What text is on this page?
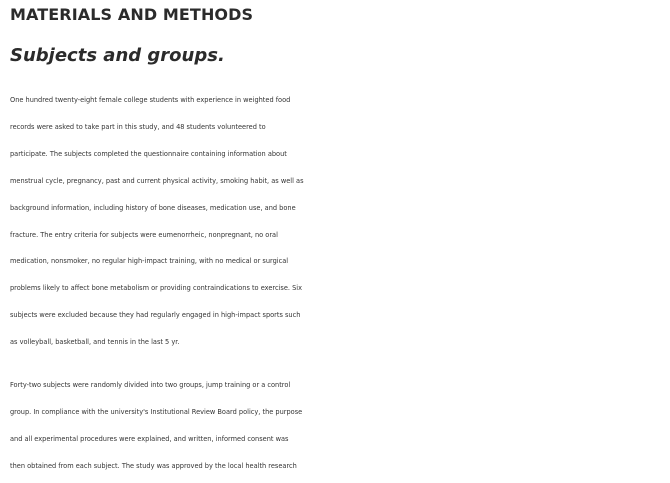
MATERIALS AND METHODS
Subjects and groups.

One hundred twenty-eight female college students with experience in weighted food
records were asked to take part in this study, and 48 students volunteered to
participate. The subjects completed the questionnaire containing information about
menstrual cycle, pregnancy, past and current physical activity, smoking habit, as well as
background information, including history of bone diseases, medication use, and bone
fracture. The entry criteria for subjects were eumenorrheic, nonpregnant, no oral
medication, nonsmoker, no regular high-impact training, with no medical or surgical
problems likely to affect bone metabolism or providing contraindications to exercise. Six
subjects were excluded because they had regularly engaged in high-impact sports such
as volleyball, basketball, and tennis in the last 5 yr.

Forty-two subjects were randomly divided into two groups, jump training or a control
group. In compliance with the university's Institutional Review Board policy, the purpose
and all experimental procedures were explained, and written, informed consent was
then obtained from each subject. The study was approved by the local health research
